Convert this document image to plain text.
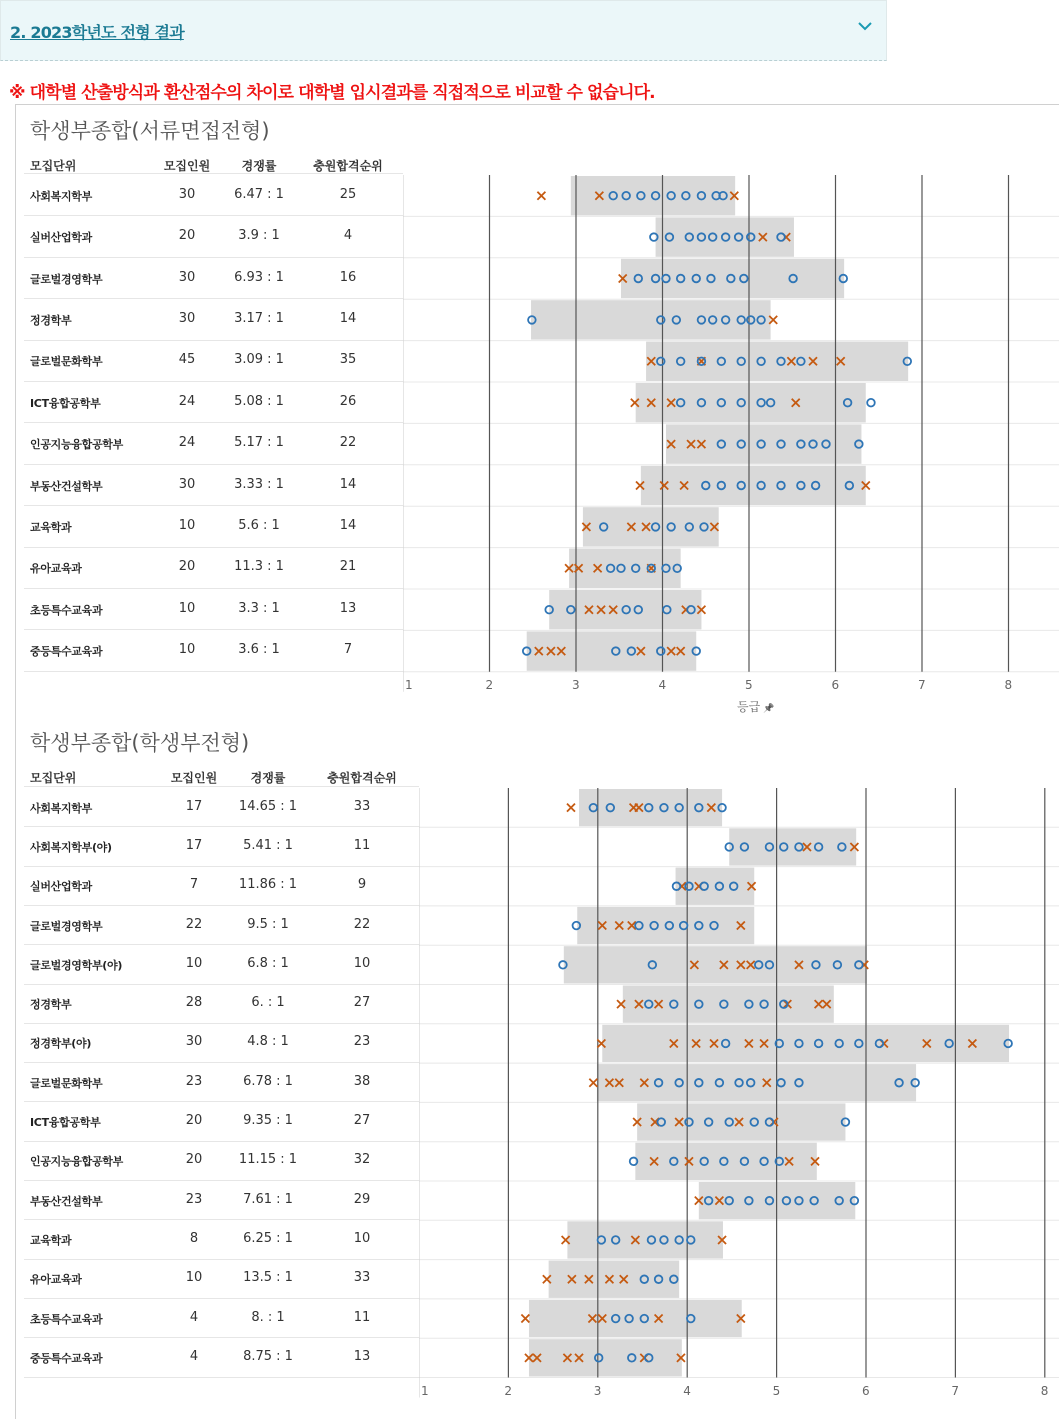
2. 2023학년도 전형 결과
※ 대학별 산출방식과 환산점수의 차이로 대학별 입시결과를 직접적으로 비교할 수 없습니다.
학생부종합(서류면접전형)
모집단위	모집인원	경쟁률	충원합격순위
사회복지학부	30	6.47 : 1	25
실버산업학과	20	3.9 : 1	4
글로벌경영학부	30	6.93 : 1	16
정경학부	30	3.17 : 1	14
글로벌문화학부	45	3.09 : 1	35
ICT융합공학부	24	5.08 : 1	26
인공지능융합공학부	24	5.17 : 1	22
부동산건설학부	30	3.33 : 1	14
교육학과	10	5.6 : 1	14
유아교육과	20	11.3 : 1	21
초등특수교육과	10	3.3 : 1	13
중등특수교육과	10	3.6 : 1	7
1	2	3	4	5	6	7	8
등급 📌
학생부종합(학생부전형)
모집단위	모집인원	경쟁률	충원합격순위
사회복지학부	17	14.65 : 1	33
사회복지학부(야)	17	5.41 : 1	11
실버산업학과	7	11.86 : 1	9
글로벌경영학부	22	9.5 : 1	22
글로벌경영학부(야)	10	6.8 : 1	10
정경학부	28	6. : 1	27
정경학부(야)	30	4.8 : 1	23
글로벌문화학부	23	6.78 : 1	38
ICT융합공학부	20	9.35 : 1	27
인공지능융합공학부	20	11.15 : 1	32
부동산건설학부	23	7.61 : 1	29
교육학과	8	6.25 : 1	10
유아교육과	10	13.5 : 1	33
초등특수교육과	4	8. : 1	11
중등특수교육과	4	8.75 : 1	13
1	2	3	4	5	6	7	8
